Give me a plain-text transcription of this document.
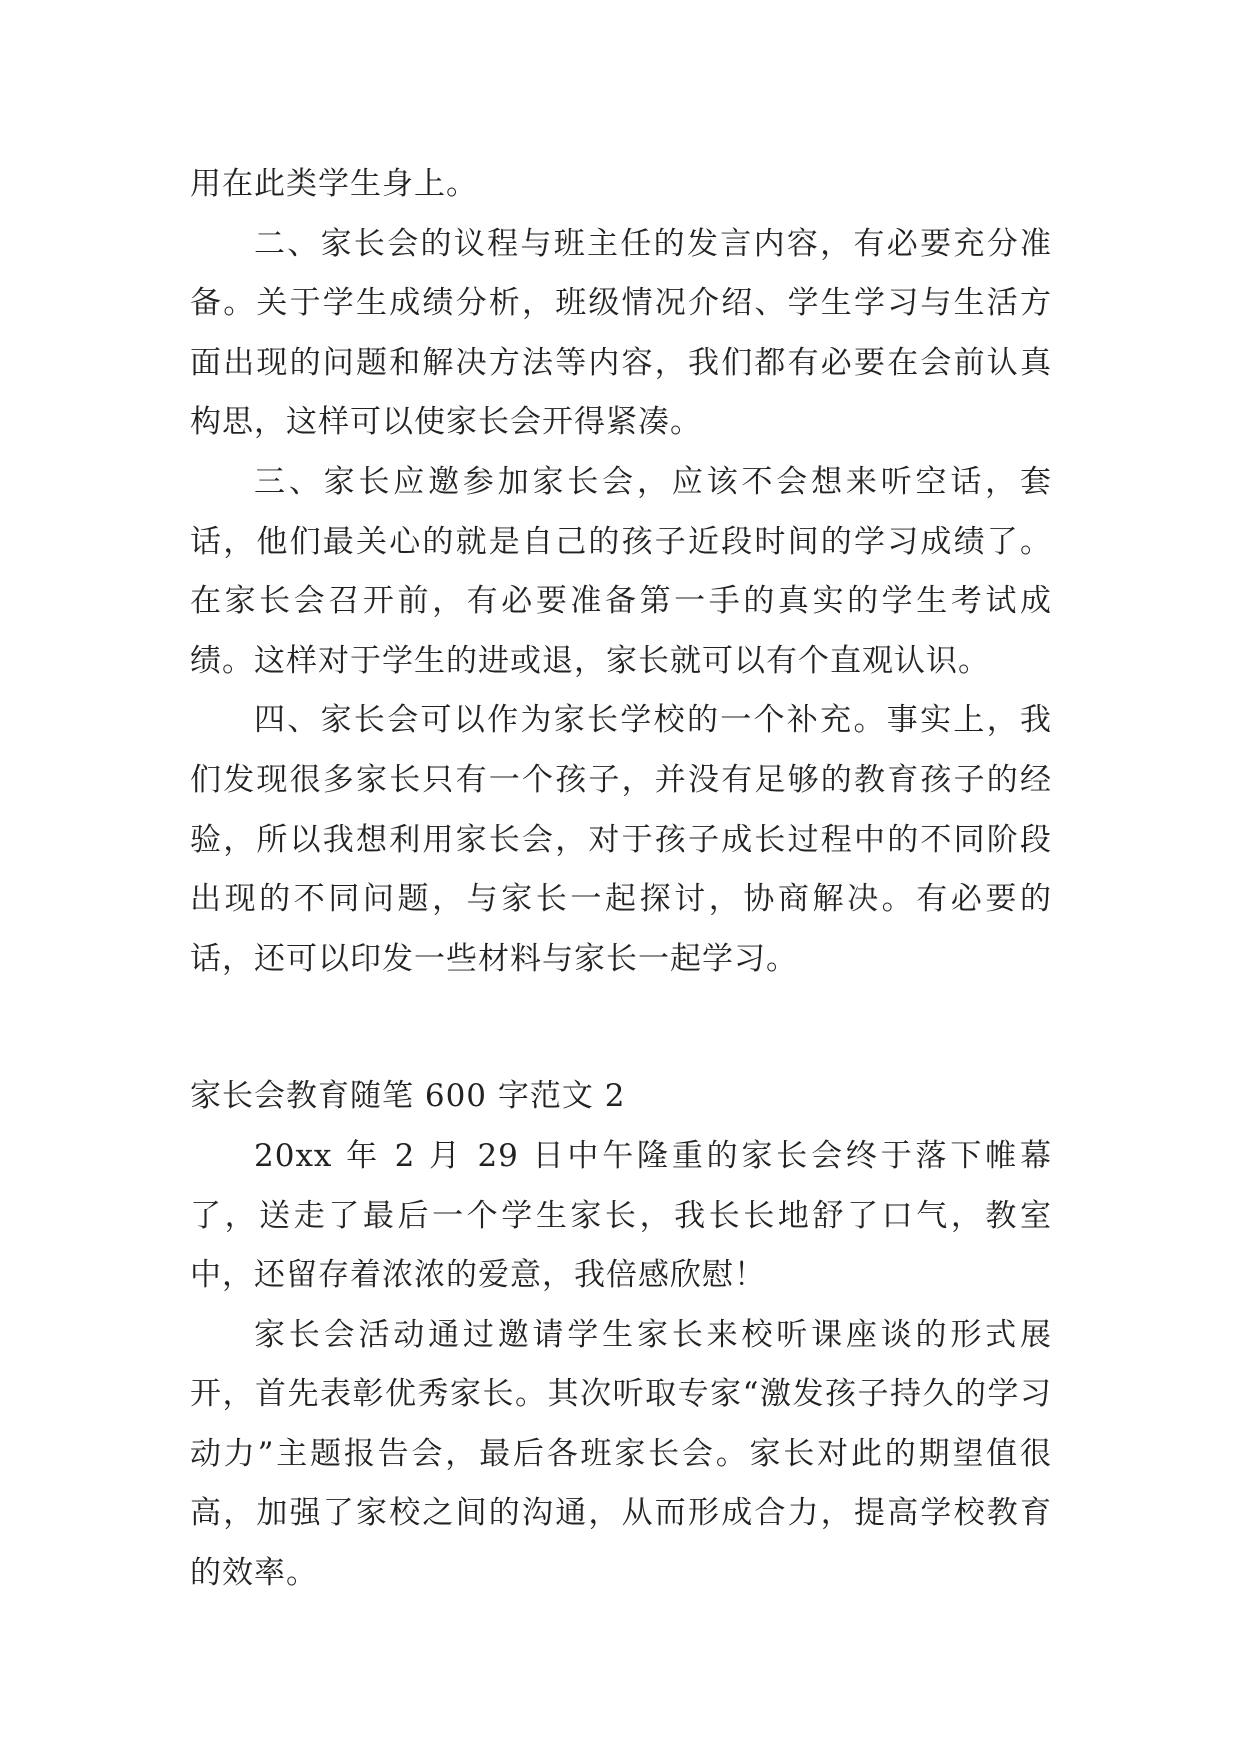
用在此类学生身上。

二、家长会的议程与班主任的发言内容，有必要充分准备。关于学生成绩分析，班级情况介绍、学生学习与生活方面出现的问题和解决方法等内容，我们都有必要在会前认真构思，这样可以使家长会开得紧凑。

三、家长应邀参加家长会，应该不会想来听空话，套话，他们最关心的就是自己的孩子近段时间的学习成绩了。在家长会召开前，有必要准备第一手的真实的学生考试成绩。这样对于学生的进或退，家长就可以有个直观认识。

四、家长会可以作为家长学校的一个补充。事实上，我们发现很多家长只有一个孩子，并没有足够的教育孩子的经验，所以我想利用家长会，对于孩子成长过程中的不同阶段出现的不同问题，与家长一起探讨，协商解决。有必要的话，还可以印发一些材料与家长一起学习。

家长会教育随笔 600 字范文 2

20xx 年 2 月 29 日中午隆重的家长会终于落下帷幕了，送走了最后一个学生家长，我长长地舒了口气，教室中，还留存着浓浓的爱意，我倍感欣慰！

家长会活动通过邀请学生家长来校听课座谈的形式展开，首先表彰优秀家长。其次听取专家“激发孩子持久的学习动力”主题报告会，最后各班家长会。家长对此的期望值很高，加强了家校之间的沟通，从而形成合力，提高学校教育的效率。
